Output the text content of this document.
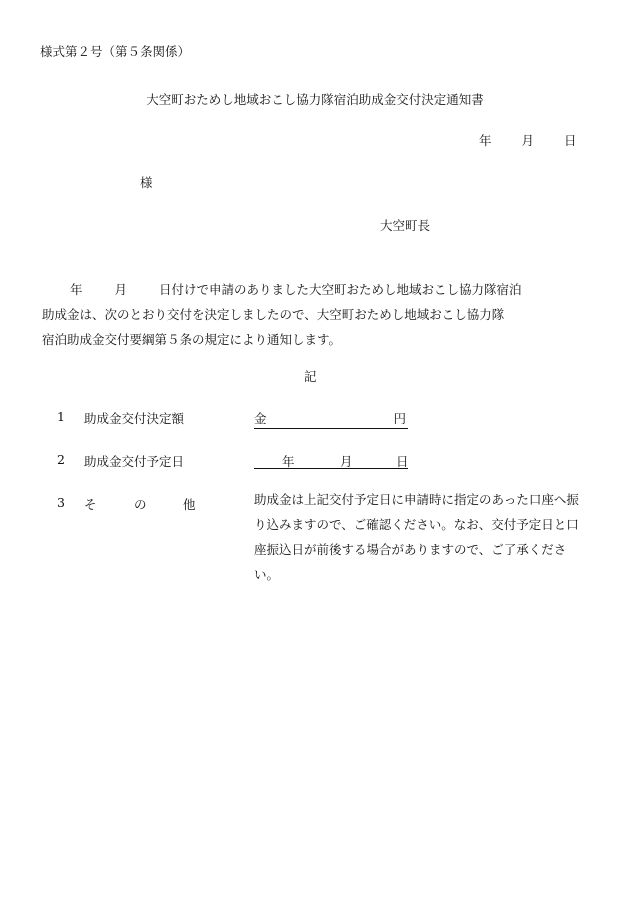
様式第２号（第５条関係）
大空町おためし地域おこし協力隊宿泊助成金交付決定通知書
年 月 日
様
大空町長

年	月	日付けで申請のありました大空町おためし地域おこし協力隊宿泊

助成金は、次のとおり交付を決定しましたので、大空町おためし地域おこし協力隊

宿泊助成金交付要綱第５条の規定により通知します。

記
1 助成金交付決定額	金	円
2 助成金交付予定日	年	月	日
3 そ	の	他	助成金は上記交付予定日に申請時に指定のあった口座へ振り込みますので、ご確認ください。なお、交付予定日と口座振込日が前後する場合がありますので、ご了承ください。
